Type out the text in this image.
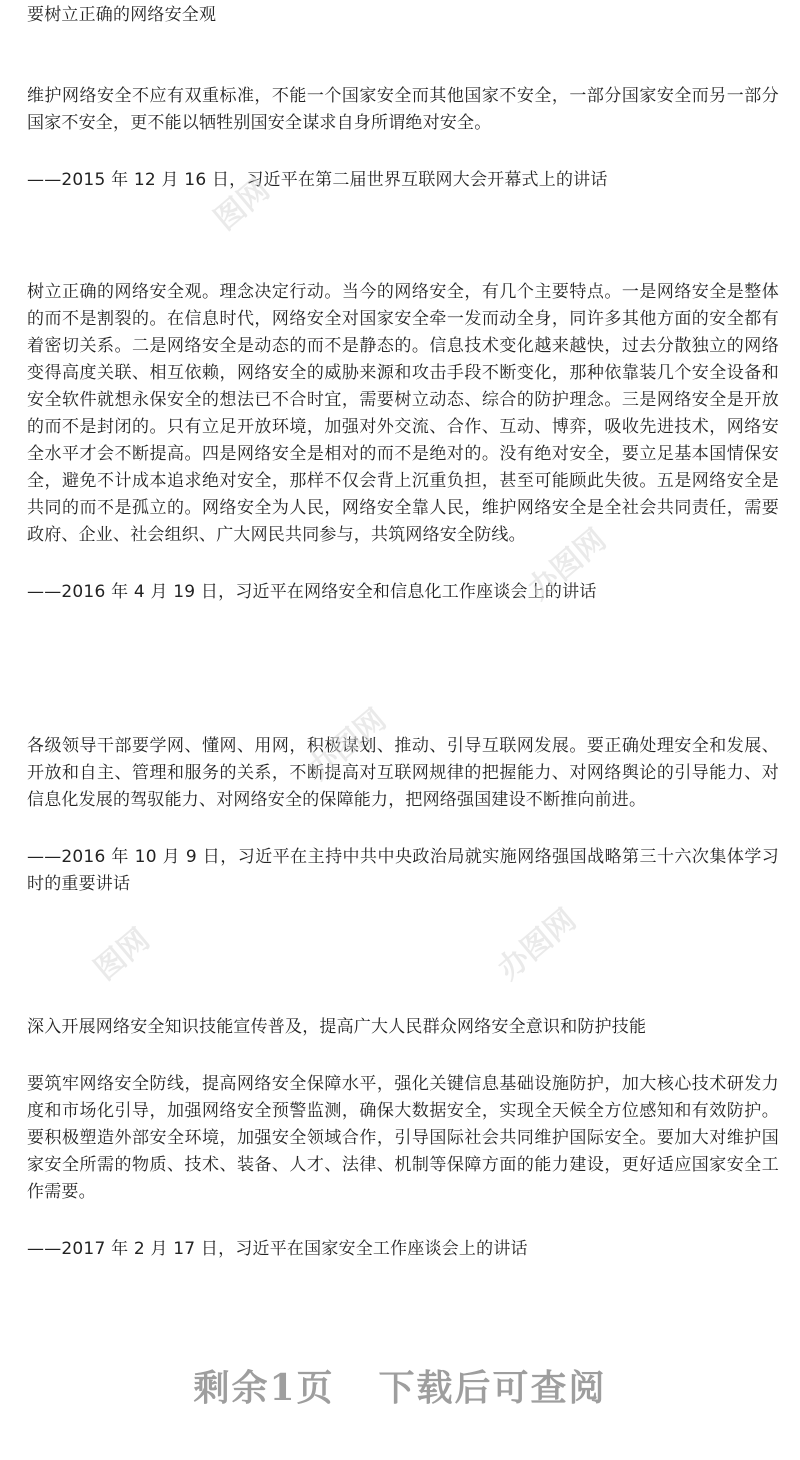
要树立正确的网络安全观

维护网络安全不应有双重标准，不能一个国家安全而其他国家不安全，一部分国家安全而另一部分国家不安全，更不能以牺牲别国安全谋求自身所谓绝对安全。

——2015 年 12 月 16 日，习近平在第二届世界互联网大会开幕式上的讲话

树立正确的网络安全观。理念决定行动。当今的网络安全，有几个主要特点。一是网络安全是整体的而不是割裂的。在信息时代，网络安全对国家安全牵一发而动全身，同许多其他方面的安全都有着密切关系。二是网络安全是动态的而不是静态的。信息技术变化越来越快，过去分散独立的网络变得高度关联、相互依赖，网络安全的威胁来源和攻击手段不断变化，那种依靠装几个安全设备和安全软件就想永保安全的想法已不合时宜，需要树立动态、综合的防护理念。三是网络安全是开放的而不是封闭的。只有立足开放环境，加强对外交流、合作、互动、博弈，吸收先进技术，网络安全水平才会不断提高。四是网络安全是相对的而不是绝对的。没有绝对安全，要立足基本国情保安全，避免不计成本追求绝对安全，那样不仅会背上沉重负担，甚至可能顾此失彼。五是网络安全是共同的而不是孤立的。网络安全为人民，网络安全靠人民，维护网络安全是全社会共同责任，需要政府、企业、社会组织、广大网民共同参与，共筑网络安全防线。

——2016 年 4 月 19 日，习近平在网络安全和信息化工作座谈会上的讲话

各级领导干部要学网、懂网、用网，积极谋划、推动、引导互联网发展。要正确处理安全和发展、开放和自主、管理和服务的关系，不断提高对互联网规律的把握能力、对网络舆论的引导能力、对信息化发展的驾驭能力、对网络安全的保障能力，把网络强国建设不断推向前进。

——2016 年 10 月 9 日，习近平在主持中共中央政治局就实施网络强国战略第三十六次集体学习时的重要讲话

深入开展网络安全知识技能宣传普及，提高广大人民群众网络安全意识和防护技能

要筑牢网络安全防线，提高网络安全保障水平，强化关键信息基础设施防护，加大核心技术研发力度和市场化引导，加强网络安全预警监测，确保大数据安全，实现全天候全方位感知和有效防护。要积极塑造外部安全环境，加强安全领域合作，引导国际社会共同维护国际安全。要加大对维护国家安全所需的物质、技术、装备、人才、法律、机制等保障方面的能力建设，更好适应国家安全工作需要。

——2017 年 2 月 17 日，习近平在国家安全工作座谈会上的讲话

图网
办图网
办图网
图网	办图网
剩余1页 下载后可查阅
